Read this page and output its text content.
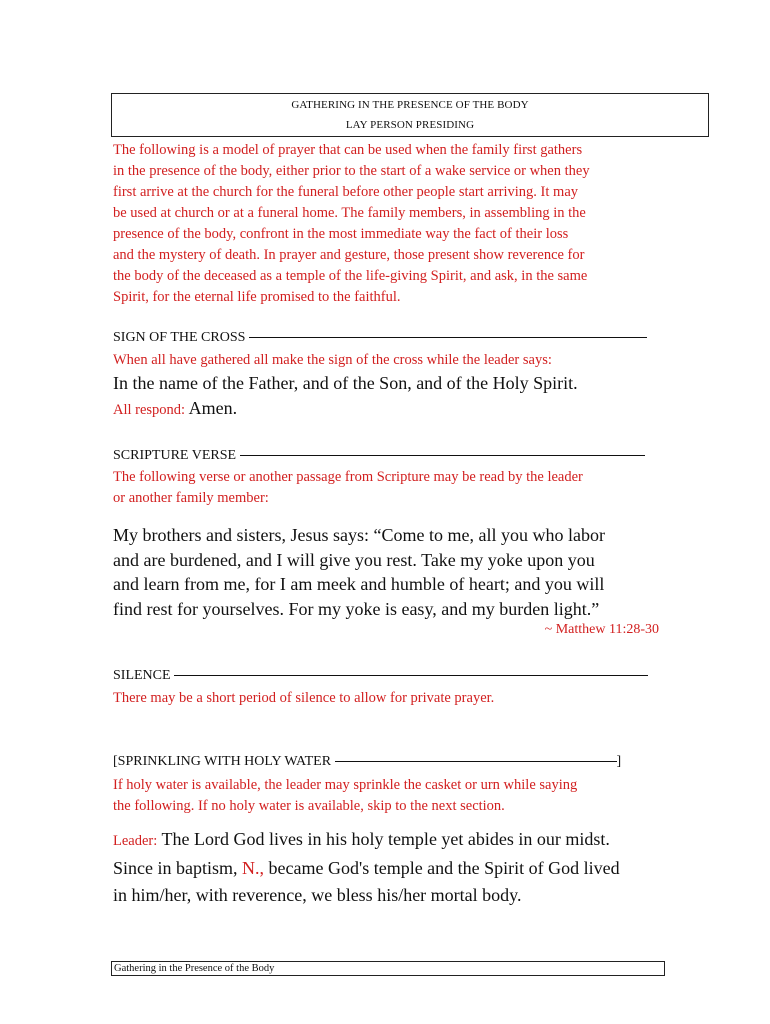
GATHERING IN THE PRESENCE OF THE BODY
LAY PERSON PRESIDING
The following is a model of prayer that can be used when the family first gathers
in the presence of the body, either prior to the start of a wake service or when they
first arrive at the church for the funeral before other people start arriving. It may
be used at church or at a funeral home. The family members, in assembling in the
presence of the body, confront in the most immediate way the fact of their loss
and the mystery of death. In prayer and gesture, those present show reverence for
the body of the deceased as a temple of the life-giving Spirit, and ask, in the same
Spirit, for the eternal life promised to the faithful.
SIGN OF THE CROSS
When all have gathered all make the sign of the cross while the leader says:
In the name of the Father, and of the Son, and of the Holy Spirit.
All respond: Amen.
SCRIPTURE VERSE
The following verse or another passage from Scripture may be read by the leader
or another family member:
My brothers and sisters, Jesus says: “Come to me, all you who labor
and are burdened, and I will give you rest. Take my yoke upon you
and learn from me, for I am meek and humble of heart; and you will
find rest for yourselves. For my yoke is easy, and my burden light.”
~ Matthew 11:28-30
SILENCE
There may be a short period of silence to allow for private prayer.
[SPRINKLING WITH HOLY WATER	]
If holy water is available, the leader may sprinkle the casket or urn while saying
the following. If no holy water is available, skip to the next section.
Leader: The Lord God lives in his holy temple yet abides in our midst.
Since in baptism, N., became God's temple and the Spirit of God lived
in him/her, with reverence, we bless his/her mortal body.
Gathering in the Presence of the Body
